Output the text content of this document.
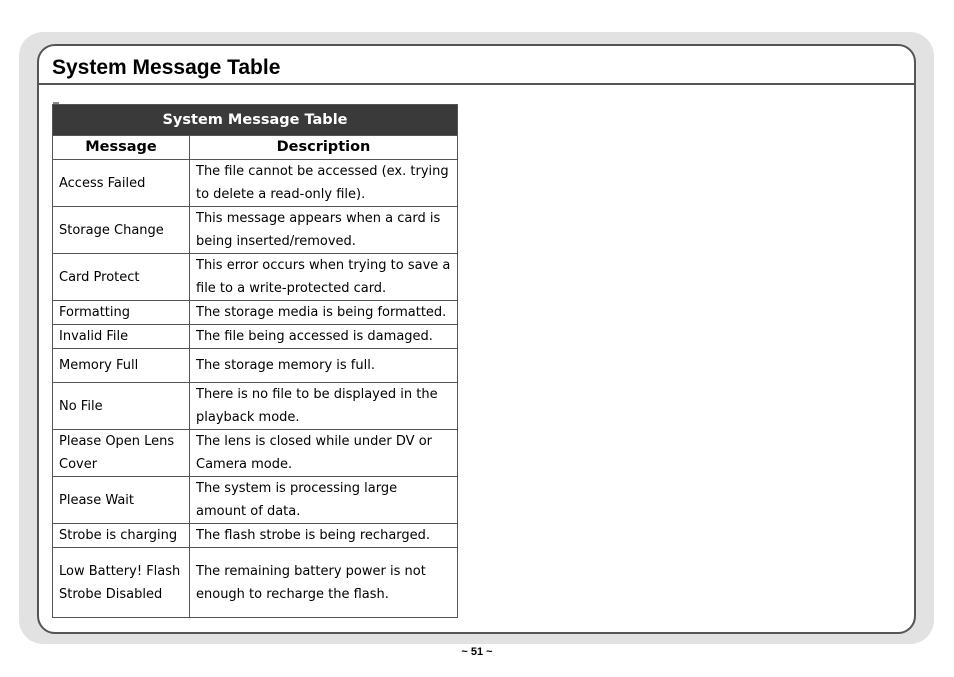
System Message Table
System Message Table	
Message	Description
Access Failed	The file cannot be accessed (ex. trying to delete a read-only file).
Storage Change	This message appears when a card is being inserted/removed.
Card Protect	This error occurs when trying to save a file to a write-protected card.
Formatting	The storage media is being formatted.
Invalid File	The file being accessed is damaged.
Memory Full	The storage memory is full.
No File	There is no file to be displayed in the playback mode.
Please Open Lens Cover	The lens is closed while under DV or Camera mode.
Please Wait	The system is processing large amount of data.
Strobe is charging	The flash strobe is being recharged.
Low Battery! Flash Strobe Disabled	The remaining battery power is not enough to recharge the flash.
~ 51 ~
